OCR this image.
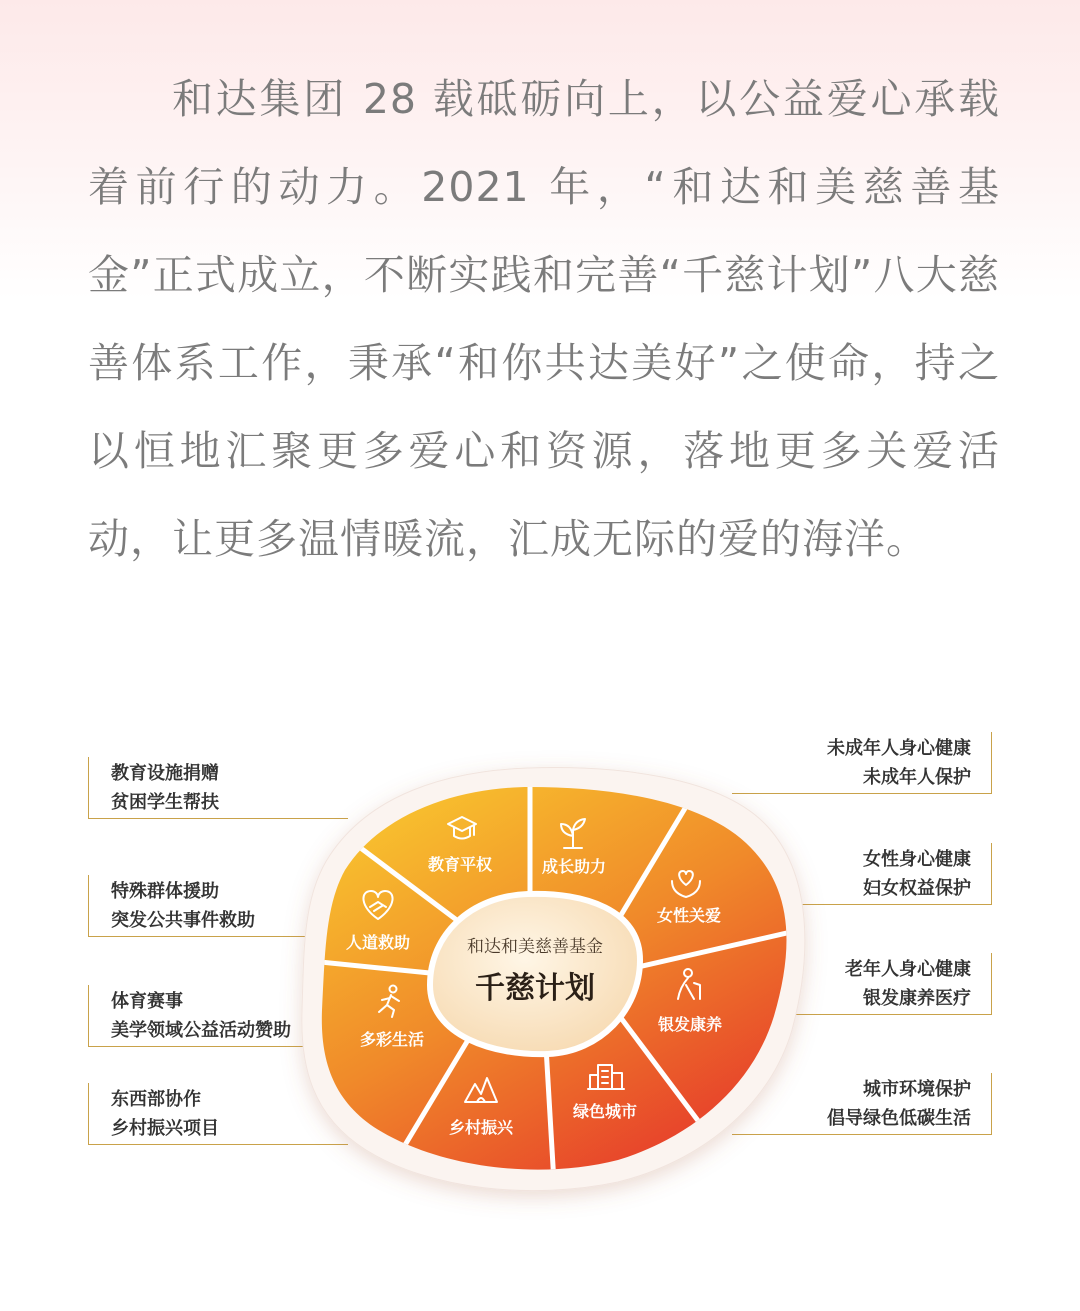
和达集团 28 载砥砺向上，以公益爱心承载着前行的动力。2021 年，“和达和美慈善基金”正式成立，不断实践和完善“千慈计划”八大慈善体系工作，秉承“和你共达美好”之使命，持之以恒地汇聚更多爱心和资源，落地更多关爱活动，让更多温情暖流，汇成无际的爱的海洋。

教育设施捐赠
贫困学生帮扶
特殊群体援助
突发公共事件救助
体育赛事
美学领域公益活动赞助
东西部协作
乡村振兴项目
未成年人身心健康
未成年人保护
女性身心健康
妇女权益保护
老年人身心健康
银发康养医疗
城市环境保护
倡导绿色低碳生活
和达和美慈善基金
千慈计划
教育平权	成长助力
女性关爱
银发康养
绿色城市
乡村振兴
多彩生活
人道救助
